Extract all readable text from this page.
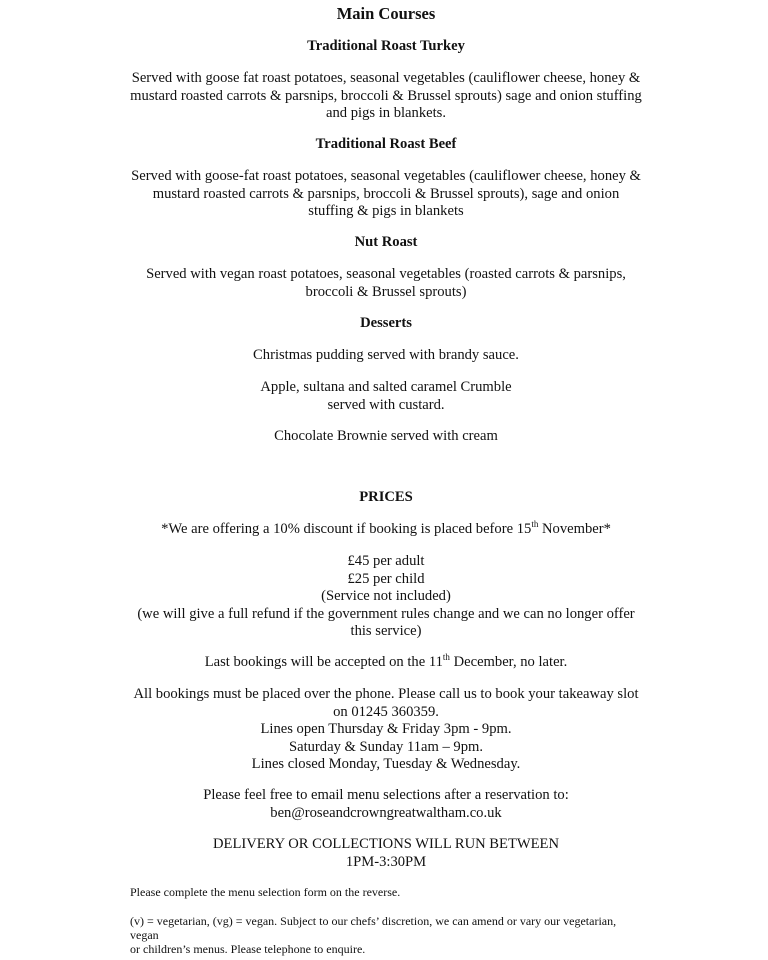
Main Courses
Traditional Roast Turkey
Served with goose fat roast potatoes, seasonal vegetables (cauliflower cheese, honey &
mustard roasted carrots & parsnips, broccoli & Brussel sprouts) sage and onion stuffing
and pigs in blankets.
Traditional Roast Beef
Served with goose-fat roast potatoes, seasonal vegetables (cauliflower cheese, honey &
mustard roasted carrots & parsnips, broccoli & Brussel sprouts), sage and onion
stuffing & pigs in blankets
Nut Roast
Served with vegan roast potatoes, seasonal vegetables (roasted carrots & parsnips,
broccoli & Brussel sprouts)
Desserts
Christmas pudding served with brandy sauce.
Apple, sultana and salted caramel Crumble
served with custard.
Chocolate Brownie served with cream
PRICES
*We are offering a 10% discount if booking is placed before 15th November*
£45 per adult
£25 per child
(Service not included)
(we will give a full refund if the government rules change and we can no longer offer
this service)
Last bookings will be accepted on the 11th December, no later.
All bookings must be placed over the phone. Please call us to book your takeaway slot
on 01245 360359.
Lines open Thursday & Friday 3pm - 9pm.
Saturday & Sunday 11am – 9pm.
Lines closed Monday, Tuesday & Wednesday.
Please feel free to email menu selections after a reservation to:
ben@roseandcrowngreatwaltham.co.uk
DELIVERY OR COLLECTIONS WILL RUN BETWEEN
1PM-3:30PM
Please complete the menu selection form on the reverse.
(v) = vegetarian, (vg) = vegan. Subject to our chefs’ discretion, we can amend or vary our vegetarian,
vegan
or children’s menus. Please telephone to enquire.
